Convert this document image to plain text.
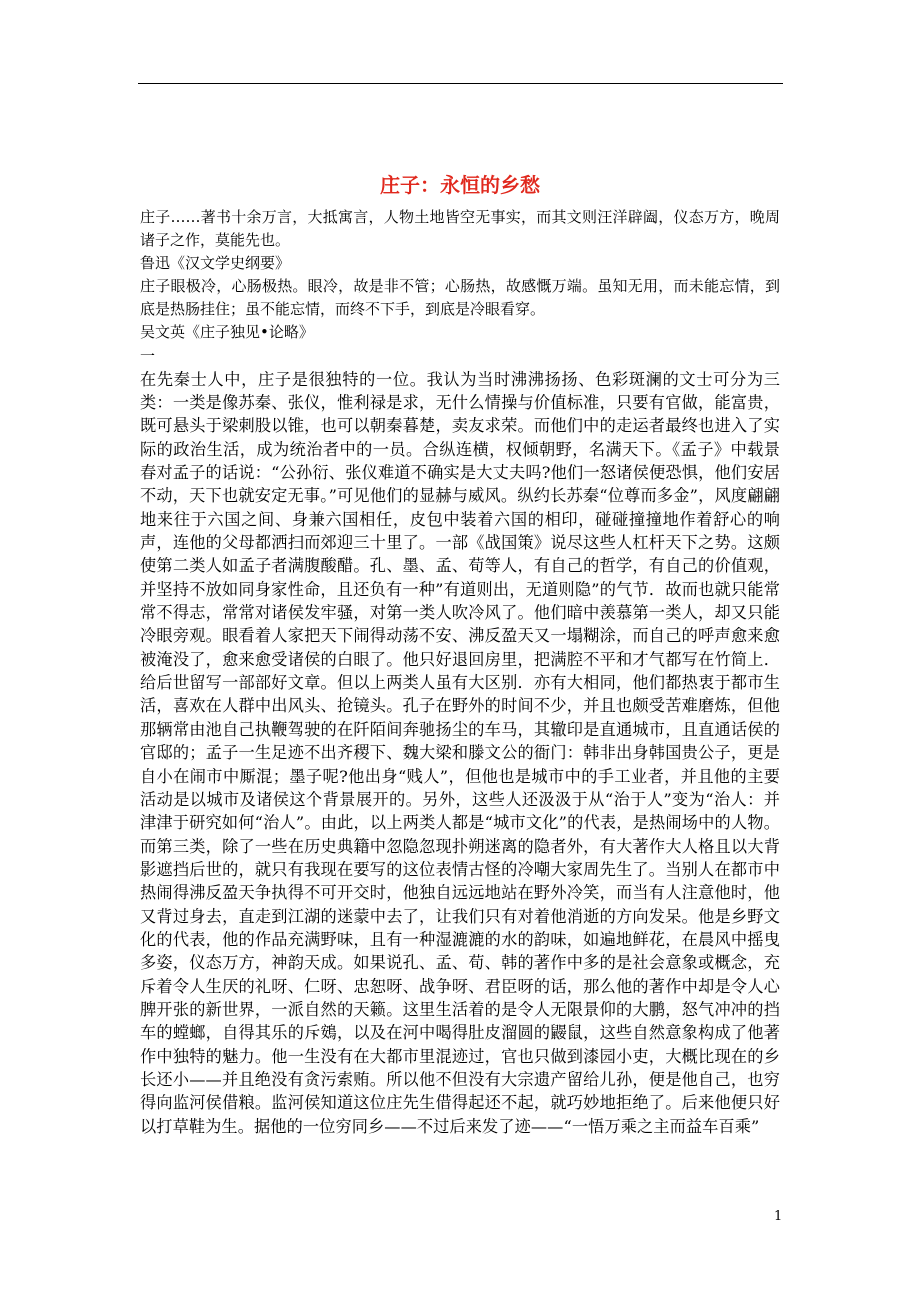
庄子：永恒的乡愁

庄子……著书十余万言，大抵寓言，人物土地皆空无事实，而其文则汪洋辟阖，仪态万方，晚周诸子之作，莫能先也。

鲁迅《汉文学史纲要》

庄子眼极冷，心肠极热。眼冷，故是非不管；心肠热，故感慨万端。虽知无用，而未能忘情，到底是热肠挂住；虽不能忘情，而终不下手，到底是冷眼看穿。

吴文英《庄子独见•论略》

一

在先秦士人中，庄子是很独特的一位。我认为当时沸沸扬扬、色彩斑澜的文士可分为三类：一类是像苏秦、张仪，惟利禄是求，无什么情操与价值标准，只要有官做，能富贵，既可悬头于梁刺股以锥，也可以朝秦暮楚，卖友求荣。而他们中的走运者最终也进入了实际的政治生活，成为统治者中的一员。合纵连横，权倾朝野，名满天下。《孟子》中载景春对孟子的话说：“公孙衍、张仪难道不确实是大丈夫吗?他们一怒诸侯便恐惧，他们安居不动，天下也就安定无事。”可见他们的显赫与威风。纵约长苏秦“位尊而多金”，风度翩翩地来往于六国之间、身兼六国相任，皮包中装着六国的相印，碰碰撞撞地作着舒心的响声，连他的父母都洒扫而郊迎三十里了。一部《战国策》说尽这些人杠杆天下之势。这颇使第二类人如孟子者满腹酸醋。孔、墨、孟、荀等人，有自己的哲学，有自己的价值观，并坚持不放如同身家性命，且还负有一种”有道则出，无道则隐”的气节．故而也就只能常常不得志，常常对诸侯发牢骚，对第一类人吹冷风了。他们暗中羡慕第一类人，却又只能冷眼旁观。眼看着人家把天下闹得动荡不安、沸反盈天又一塌糊涂，而自己的呼声愈来愈被淹没了，愈来愈受诸侯的白眼了。他只好退回房里，把满腔不平和才气都写在竹简上．给后世留写一部部好文章。但以上两类人虽有大区别．亦有大相同，他们都热衷于都市生活，喜欢在人群中出风头、抢镜头。孔子在野外的时间不少，并且也颇受苦难磨炼，但他那辆常由池自己执鞭驾驶的在阡陌间奔驰扬尘的车马，其辙印是直通城市，且直通话侯的官邸的；孟子一生足迹不出齐稷下、魏大梁和滕文公的衙门：韩非出身韩国贵公子，更是自小在闹市中厮混；墨子呢?他出身“贱人”，但他也是城市中的手工业者，并且他的主要活动是以城市及诸侯这个背景展开的。另外，这些人还汲汲于从“治于人”变为“治人：并津津于研究如何“治人”。由此，以上两类人都是“城市文化”的代表，是热闹场中的人物。而第三类，除了一些在历史典籍中忽隐忽现扑朔迷离的隐者外，有大著作大人格且以大背影遮挡后世的，就只有我现在要写的这位表情古怪的冷嘲大家周先生了。当别人在都市中热闹得沸反盈天争执得不可开交时，他独自远远地站在野外冷笑，而当有人注意他时，他又背过身去，直走到江湖的迷蒙中去了，让我们只有对着他消逝的方向发呆。他是乡野文化的代表，他的作品充满野味，且有一种湿漉漉的水的韵味，如遍地鲜花，在晨风中摇曳多姿，仪态万方，神韵天成。如果说孔、孟、荀、韩的著作中多的是社会意象或概念，充斥着令人生厌的礼呀、仁呀、忠恕呀、战争呀、君臣呀的话，那么他的著作中却是令人心脾开张的新世界，一派自然的天籁。这里生活着的是令人无限景仰的大鹏，怒气冲冲的挡车的螳螂，自得其乐的斥鴳，以及在河中喝得肚皮溜圆的鼹鼠，这些自然意象构成了他著作中独特的魅力。他一生没有在大都市里混迹过，官也只做到漆园小吏，大概比现在的乡长还小——并且绝没有贪污索贿。所以他不但没有大宗遗产留给儿孙，便是他自己，也穷得向监河侯借粮。监河侯知道这位庄先生借得起还不起，就巧妙地拒绝了。后来他便只好以打草鞋为生。据他的一位穷同乡——不过后来发了迹——“一悟万乘之主而益车百乘”

1
